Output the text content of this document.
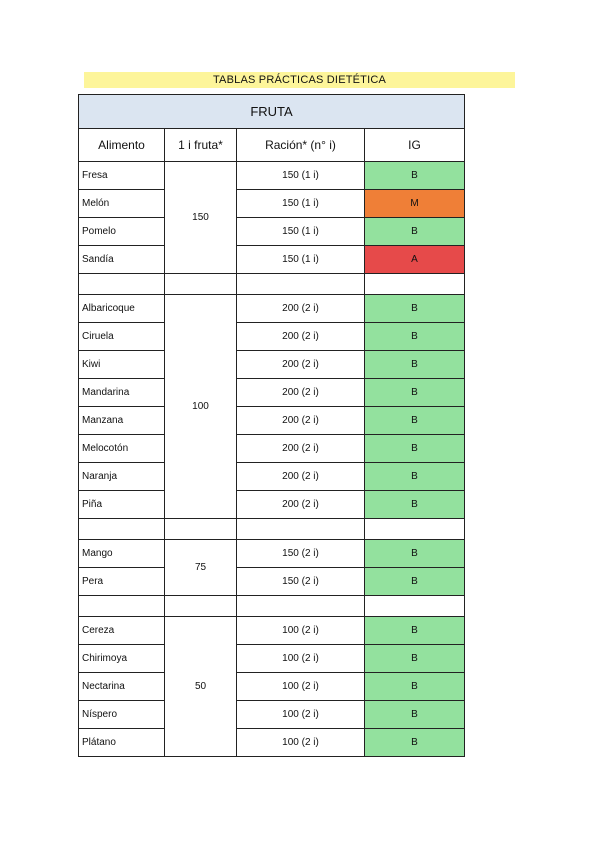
TABLAS PRÁCTICAS DIETÉTICA
FRUTA			
Alimento	1 i fruta*	Ración* (n° i)	IG
Fresa	150	150 (1 i)	B
Melón		150 (1 i)	M
Pomelo		150 (1 i)	B
Sandía		150 (1 i)	A

Albaricoque	100	200 (2 i)	B
Ciruela		200 (2 i)	B
Kiwi		200 (2 i)	B
Mandarina		200 (2 i)	B
Manzana		200 (2 i)	B
Melocotón		200 (2 i)	B
Naranja		200 (2 i)	B
Piña		200 (2 i)	B

Mango	75	150 (2 i)	B
Pera		150 (2 i)	B

Cereza	50	100 (2 i)	B
Chirimoya		100 (2 i)	B
Nectarina		100 (2 i)	B
Níspero		100 (2 i)	B
Plátano		100 (2 i)	B
